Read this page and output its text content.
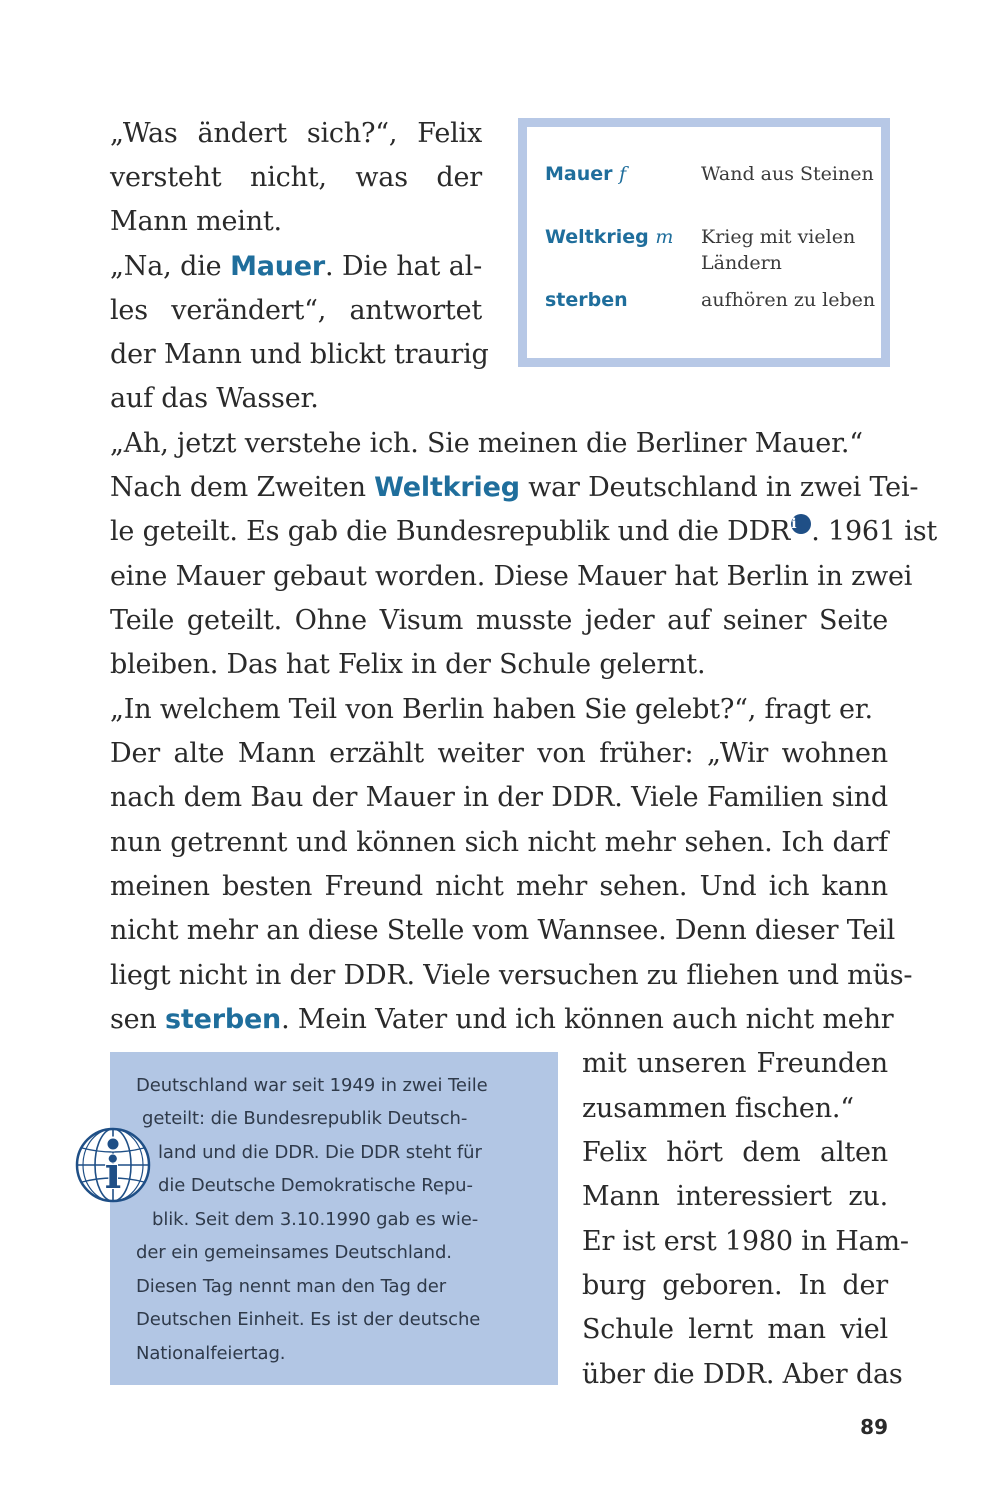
„Was ändert sich?“, Felix
versteht nicht, was der
Mann meint.
„Na, die Mauer. Die hat al-
les verändert“, antwortet
der Mann und blickt traurig
auf das Wasser.
„Ah, jetzt verstehe ich. Sie meinen die Berliner Mauer.“
Nach dem Zweiten Weltkrieg war Deutschland in zwei Tei-
le geteilt. Es gab die Bundesrepublik und die DDRi . 1961 ist
eine Mauer gebaut worden. Diese Mauer hat Berlin in zwei
Teile geteilt. Ohne Visum musste jeder auf seiner Seite
bleiben. Das hat Felix in der Schule gelernt.
„In welchem Teil von Berlin haben Sie gelebt?“, fragt er.
Der alte Mann erzählt weiter von früher: „Wir wohnen
nach dem Bau der Mauer in der DDR. Viele Familien sind
nun getrennt und können sich nicht mehr sehen. Ich darf
meinen besten Freund nicht mehr sehen. Und ich kann
nicht mehr an diese Stelle vom Wannsee. Denn dieser Teil
liegt nicht in der DDR. Viele versuchen zu fliehen und müs-
sen sterben. Mein Vater und ich können auch nicht mehr
mit unseren Freunden
zusammen fischen.“
Felix hört dem alten
Mann interessiert zu.
Er ist erst 1980 in Ham-
burg geboren. In der
Schule lernt man viel
über die DDR. Aber das
Mauer f	Wand aus Steinen
Weltkrieg m Krieg mit vielen Ländern
sterben	aufhören zu leben
Deutschland war seit 1949 in zwei Teile
geteilt: die Bundesrepublik Deutsch-
land und die DDR. Die DDR steht für
die Deutsche Demokratische Repu-
blik. Seit dem 3.10.1990 gab es wie-
der ein gemeinsames Deutschland.
Diesen Tag nennt man den Tag der
Deutschen Einheit. Es ist der deutsche
Nationalfeiertag.
i
89
